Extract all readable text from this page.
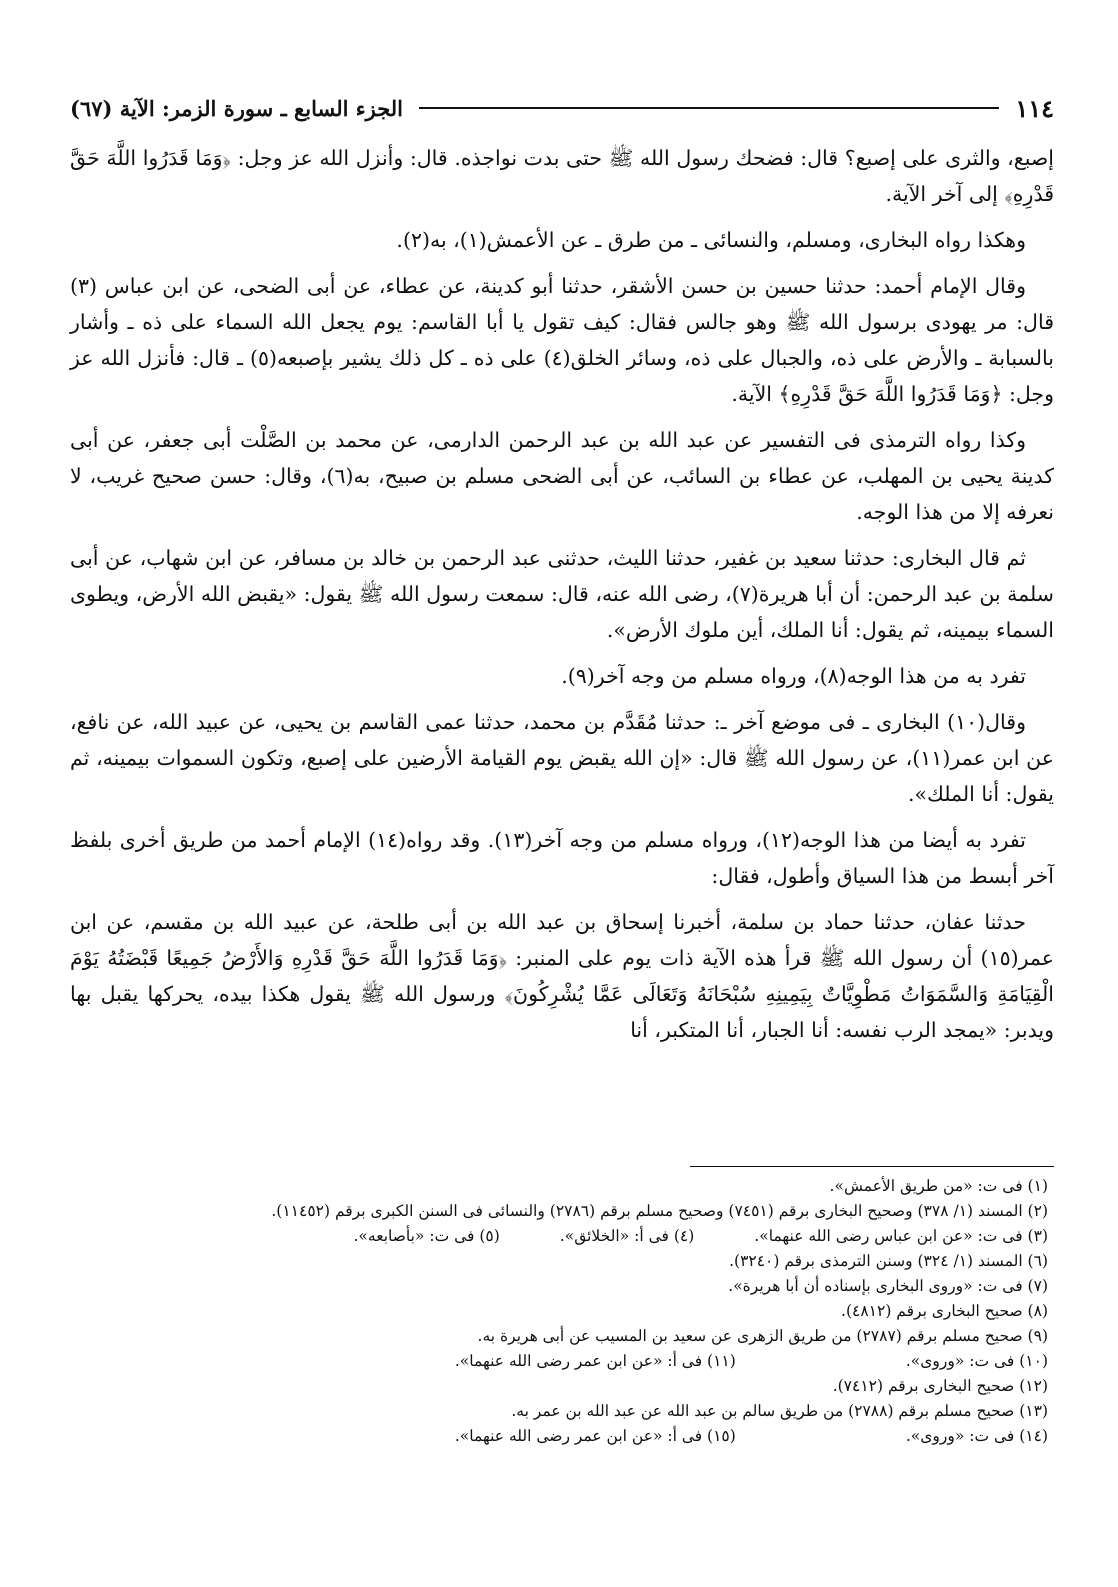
١١٤
الجزء السابع ـ سورة الزمر: الآية (٦٧)

إصبع، والثرى على إصبع؟ قال: فضحك رسول الله ﷺ حتى بدت نواجذه. قال: وأنزل الله عز وجل: ﴿وَمَا قَدَرُوا اللَّهَ حَقَّ قَدْرِهِ﴾ إلى آخر الآية.

وهكذا رواه البخارى، ومسلم، والنسائى ـ من طرق ـ عن الأعمش(١)، به(٢).

وقال الإمام أحمد: حدثنا حسين بن حسن الأشقر، حدثنا أبو كدينة، عن عطاء، عن أبى الضحى، عن ابن عباس (٣) قال: مر يهودى برسول الله ﷺ وهو جالس فقال: كيف تقول يا أبا القاسم: يوم يجعل الله السماء على ذه ـ وأشار بالسبابة ـ والأرض على ذه، والجبال على ذه، وسائر الخلق(٤) على ذه ـ كل ذلك يشير بإصبعه(٥) ـ قال: فأنزل الله عز وجل: ﴿وَمَا قَدَرُوا اللَّهَ حَقَّ قَدْرِهِ﴾ الآية.

وكذا رواه الترمذى فى التفسير عن عبد الله بن عبد الرحمن الدارمى، عن محمد بن الصَّلْت أبى جعفر، عن أبى كدينة يحيى بن المهلب، عن عطاء بن السائب، عن أبى الضحى مسلم بن صبيح، به(٦)، وقال: حسن صحيح غريب، لا نعرفه إلا من هذا الوجه.

ثم قال البخارى: حدثنا سعيد بن غفير، حدثنا الليث، حدثنى عبد الرحمن بن خالد بن مسافر، عن ابن شهاب، عن أبى سلمة بن عبد الرحمن: أن أبا هريرة(٧)، رضى الله عنه، قال: سمعت رسول الله ﷺ يقول: «يقبض الله الأرض، ويطوى السماء بيمينه، ثم يقول: أنا الملك، أين ملوك الأرض».

تفرد به من هذا الوجه(٨)، ورواه مسلم من وجه آخر(٩).

وقال(١٠) البخارى ـ فى موضع آخر ـ: حدثنا مُقَدَّم بن محمد، حدثنا عمى القاسم بن يحيى، عن عبيد الله، عن نافع، عن ابن عمر(١١)، عن رسول الله ﷺ قال: «إن الله يقبض يوم القيامة الأرضين على إصبع، وتكون السموات بيمينه، ثم يقول: أنا الملك».

تفرد به أيضا من هذا الوجه(١٢)، ورواه مسلم من وجه آخر(١٣). وقد رواه(١٤) الإمام أحمد من طريق أخرى بلفظ آخر أبسط من هذا السياق وأطول، فقال:

حدثنا عفان، حدثنا حماد بن سلمة، أخبرنا إسحاق بن عبد الله بن أبى طلحة، عن عبيد الله بن مقسم، عن ابن عمر(١٥) أن رسول الله ﷺ قرأ هذه الآية ذات يوم على المنبر: ﴿وَمَا قَدَرُوا اللَّهَ حَقَّ قَدْرِهِ وَالأَرْضُ جَمِيعًا قَبْضَتُهُ يَوْمَ الْقِيَامَةِ وَالسَّمَوَاتُ مَطْوِيَّاتٌ بِيَمِينِهِ سُبْحَانَهُ وَتَعَالَى عَمَّا يُشْرِكُونَ﴾ ورسول الله ﷺ يقول هكذا بيده، يحركها يقبل بها ويدبر: «يمجد الرب نفسه: أنا الجبار، أنا المتكبر، أنا

(١) فى ت: «من طريق الأعمش».

(٢) المسند (١/ ٣٧٨) وصحيح البخارى برقم (٧٤٥١) وصحيح مسلم برقم (٢٧٨٦) والنسائى فى السنن الكبرى برقم (١١٤٥٢).

(٣) فى ت: «عن ابن عباس رضى الله عنهما».(٤) فى أ: «الخلائق».(٥) فى ت: «بأصابعه».

(٦) المسند (١/ ٣٢٤) وسنن الترمذى برقم (٣٢٤٠).

(٧) فى ت: «وروى البخارى بإسناده أن أبا هريرة».

(٨) صحيح البخارى برقم (٤٨١٢).

(٩) صحيح مسلم برقم (٢٧٨٧) من طريق الزهرى عن سعيد بن المسيب عن أبى هريرة به.

(١٠) فى ت: «وروى».(١١) فى أ: «عن ابن عمر رضى الله عنهما».

(١٢) صحيح البخارى برقم (٧٤١٢).

(١٣) صحيح مسلم برقم (٢٧٨٨) من طريق سالم بن عبد الله عن عبد الله بن عمر به.

(١٤) فى ت: «وروى».(١٥) فى أ: «عن ابن عمر رضى الله عنهما».
